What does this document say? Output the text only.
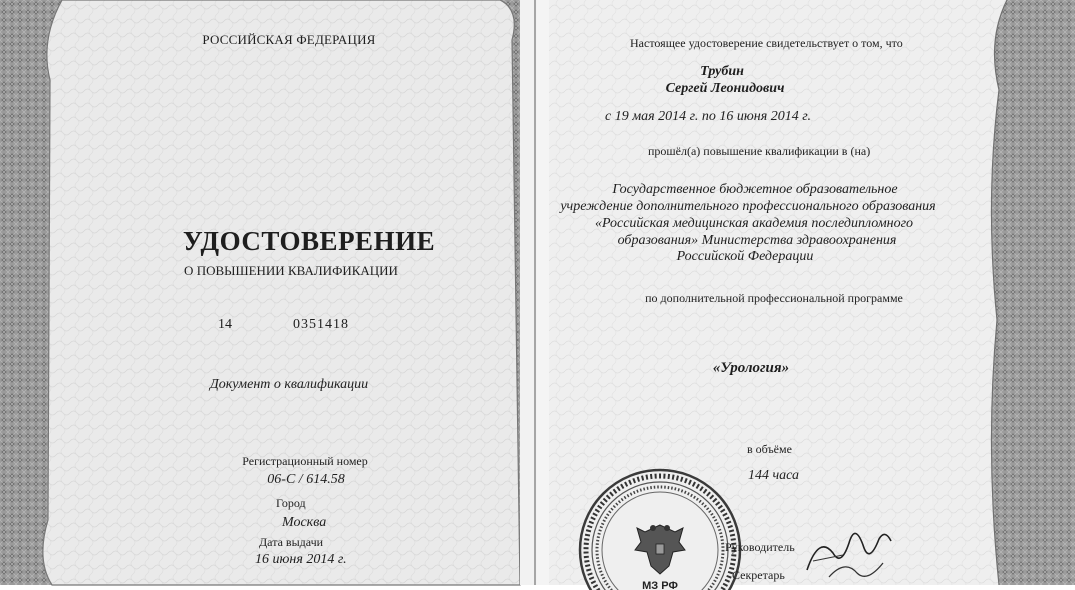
РОССИЙСКАЯ ФЕДЕРАЦИЯ
УДОСТОВЕРЕНИЕ
О ПОВЫШЕНИИ КВАЛИФИКАЦИИ
14	0351418
Документ о квалификации
Регистрационный номер
06-С / 614.58
Город
Москва
Дата выдачи
16 июня 2014 г.
Настоящее удостоверение свидетельствует о том, что
Трубин
Сергей Леонидович
с 19 мая 2014 г. по 16 июня 2014 г.
прошёл(а) повышение квалификации в (на)
Государственное бюджетное образовательное
учреждение дополнительного профессионального образования
«Российская медицинская академия последипломного
образования» Министерства здравоохранения
Российской Федерации
по дополнительной профессиональной программе
«Урология»
в объёме
144 часа
МЗ РФ
Руководитель
Секретарь
